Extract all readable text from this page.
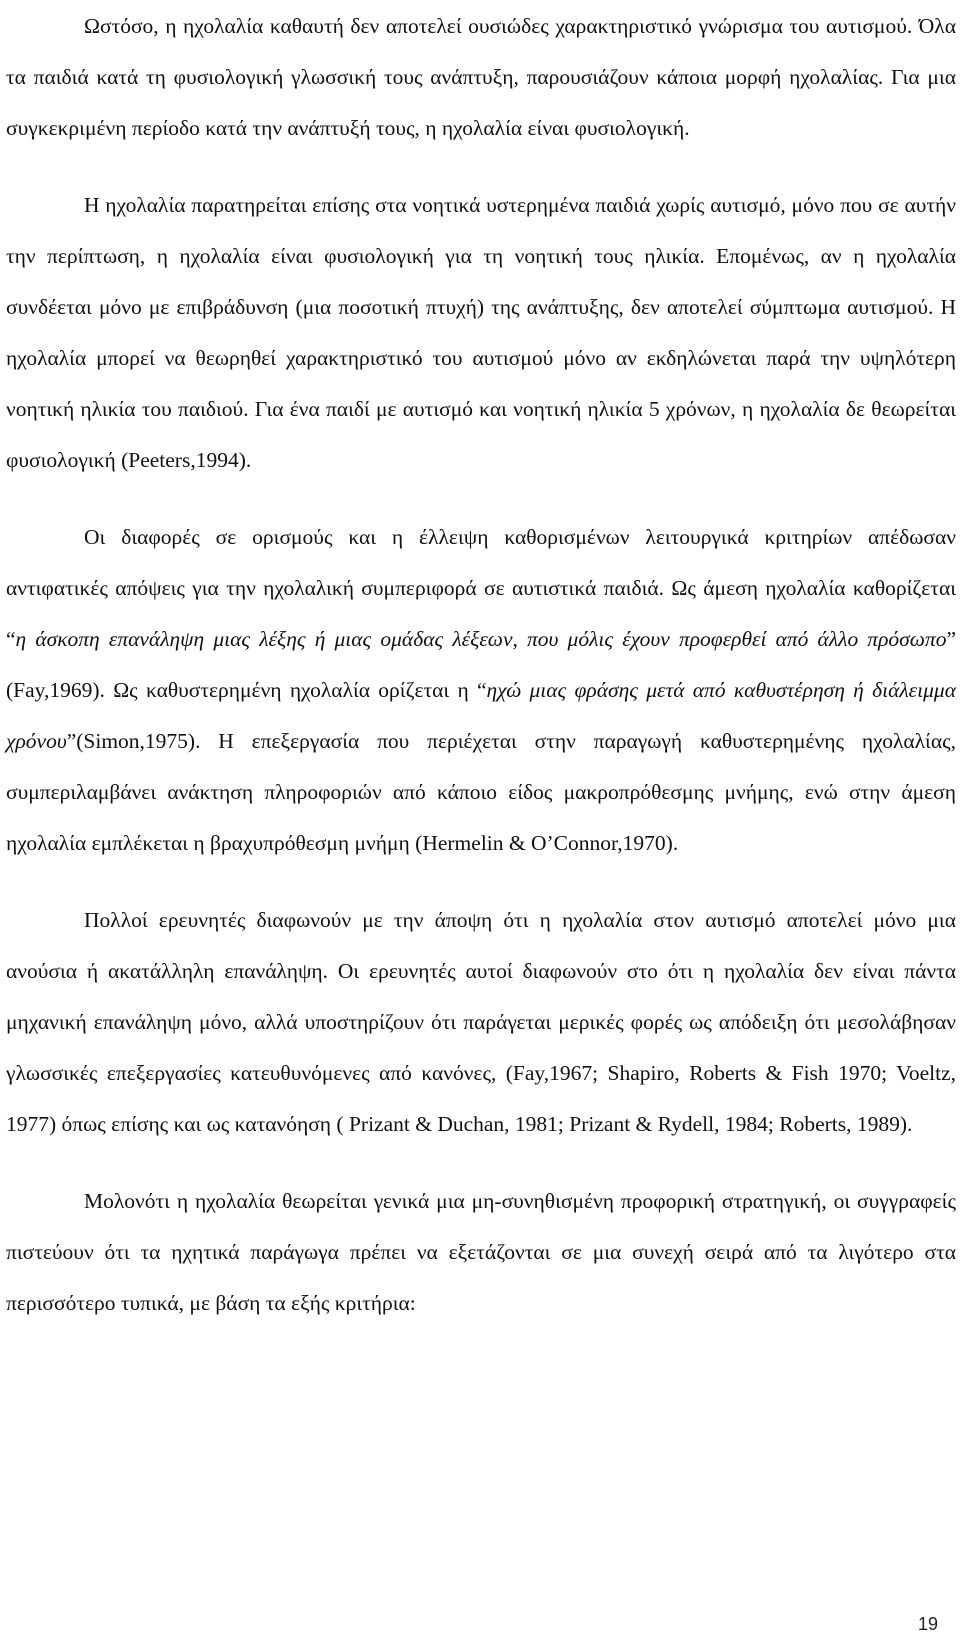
Ωστόσο, η ηχολαλία καθαυτή δεν αποτελεί ουσιώδες χαρακτηριστικό γνώρισμα του αυτισμού. Όλα τα παιδιά κατά τη φυσιολογική γλωσσική τους ανάπτυξη, παρουσιάζουν κάποια μορφή ηχολαλίας. Για μια συγκεκριμένη περίοδο κατά την ανάπτυξή τους, η ηχολαλία είναι φυσιολογική.

Η ηχολαλία παρατηρείται επίσης στα νοητικά υστερημένα παιδιά χωρίς αυτισμό, μόνο που σε αυτήν την περίπτωση, η ηχολαλία είναι φυσιολογική για τη νοητική τους ηλικία. Επομένως, αν η ηχολαλία συνδέεται μόνο με επιβράδυνση (μια ποσοτική πτυχή) της ανάπτυξης, δεν αποτελεί σύμπτωμα αυτισμού. Η ηχολαλία μπορεί να θεωρηθεί χαρακτηριστικό του αυτισμού μόνο αν εκδηλώνεται παρά την υψηλότερη νοητική ηλικία του παιδιού. Για ένα παιδί με αυτισμό και νοητική ηλικία 5 χρόνων, η ηχολαλία δε θεωρείται φυσιολογική (Peeters,1994).

Οι διαφορές σε ορισμούς και η έλλειψη καθορισμένων λειτουργικά κριτηρίων απέδωσαν αντιφατικές απόψεις για την ηχολαλική συμπεριφορά σε αυτιστικά παιδιά. Ως άμεση ηχολαλία καθορίζεται “η άσκοπη επανάληψη μιας λέξης ή μιας ομάδας λέξεων, που μόλις έχουν προφερθεί από άλλο πρόσωπο” (Fay,1969). Ως καθυστερημένη ηχολαλία ορίζεται η “ηχώ μιας φράσης μετά από καθυστέρηση ή διάλειμμα χρόνου”(Simon,1975). Η επεξεργασία που περιέχεται στην παραγωγή καθυστερημένης ηχολαλίας, συμπεριλαμβάνει ανάκτηση πληροφοριών από κάποιο είδος μακροπρόθεσμης μνήμης, ενώ στην άμεση ηχολαλία εμπλέκεται η βραχυπρόθεσμη μνήμη (Hermelin & O’Connor,1970).

Πολλοί ερευνητές διαφωνούν με την άποψη ότι η ηχολαλία στον αυτισμό αποτελεί μόνο μια ανούσια ή ακατάλληλη επανάληψη. Οι ερευνητές αυτοί διαφωνούν στο ότι η ηχολαλία δεν είναι πάντα μηχανική επανάληψη μόνο, αλλά υποστηρίζουν ότι παράγεται μερικές φορές ως απόδειξη ότι μεσολάβησαν γλωσσικές επεξεργασίες κατευθυνόμενες από κανόνες, (Fay,1967; Shapiro, Roberts & Fish 1970; Voeltz, 1977) όπως επίσης και ως κατανόηση ( Prizant & Duchan, 1981; Prizant & Rydell, 1984; Roberts, 1989).

Μολονότι η ηχολαλία θεωρείται γενικά μια μη-συνηθισμένη προφορική στρατηγική, οι συγγραφείς πιστεύουν ότι τα ηχητικά παράγωγα πρέπει να εξετάζονται σε μια συνεχή σειρά από τα λιγότερο στα περισσότερο τυπικά, με βάση τα εξής κριτήρια:

19
